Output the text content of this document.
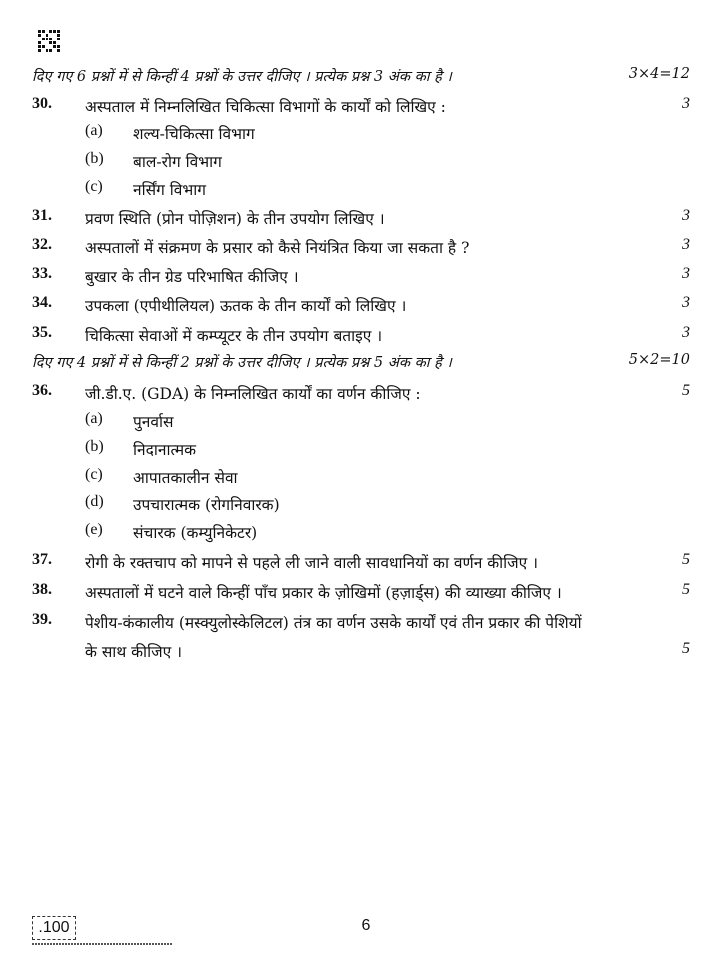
दिए गए 6 प्रश्नों में से किन्हीं 4 प्रश्नों के उत्तर दीजिए । प्रत्येक प्रश्न 3 अंक का है ।	3×4=12
30. अस्पताल में निम्नलिखित चिकित्सा विभागों के कार्यों को लिखिए :	3
(a) शल्य-चिकित्सा विभाग
(b) बाल-रोग विभाग
(c) नर्सिंग विभाग
31. प्रवण स्थिति (प्रोन पोज़िशन) के तीन उपयोग लिखिए ।	3
32. अस्पतालों में संक्रमण के प्रसार को कैसे नियंत्रित किया जा सकता है ?	3
33. बुखार के तीन ग्रेड परिभाषित कीजिए ।	3
34. उपकला (एपीथीलियल) ऊतक के तीन कार्यों को लिखिए ।	3
35. चिकित्सा सेवाओं में कम्प्यूटर के तीन उपयोग बताइए ।	3
दिए गए 4 प्रश्नों में से किन्हीं 2 प्रश्नों के उत्तर दीजिए । प्रत्येक प्रश्न 5 अंक का है ।	5×2=10
36. जी.डी.ए. (GDA) के निम्नलिखित कार्यों का वर्णन कीजिए :	5
(a) पुनर्वास
(b) निदानात्मक
(c) आपातकालीन सेवा
(d) उपचारात्मक (रोगनिवारक)
(e) संचारक (कम्युनिकेटर)
37. रोगी के रक्तचाप को मापने से पहले ली जाने वाली सावधानियों का वर्णन कीजिए ।	5
38. अस्पतालों में घटने वाले किन्हीं पाँच प्रकार के ज़ोखिमों (हज़ार्ड्स) की व्याख्या कीजिए ।	5
39. पेशीय-कंकालीय (मस्क्युलोस्केलिटल) तंत्र का वर्णन उसके कार्यों एवं तीन प्रकार की पेशियों
के साथ कीजिए ।	5
.100	6
